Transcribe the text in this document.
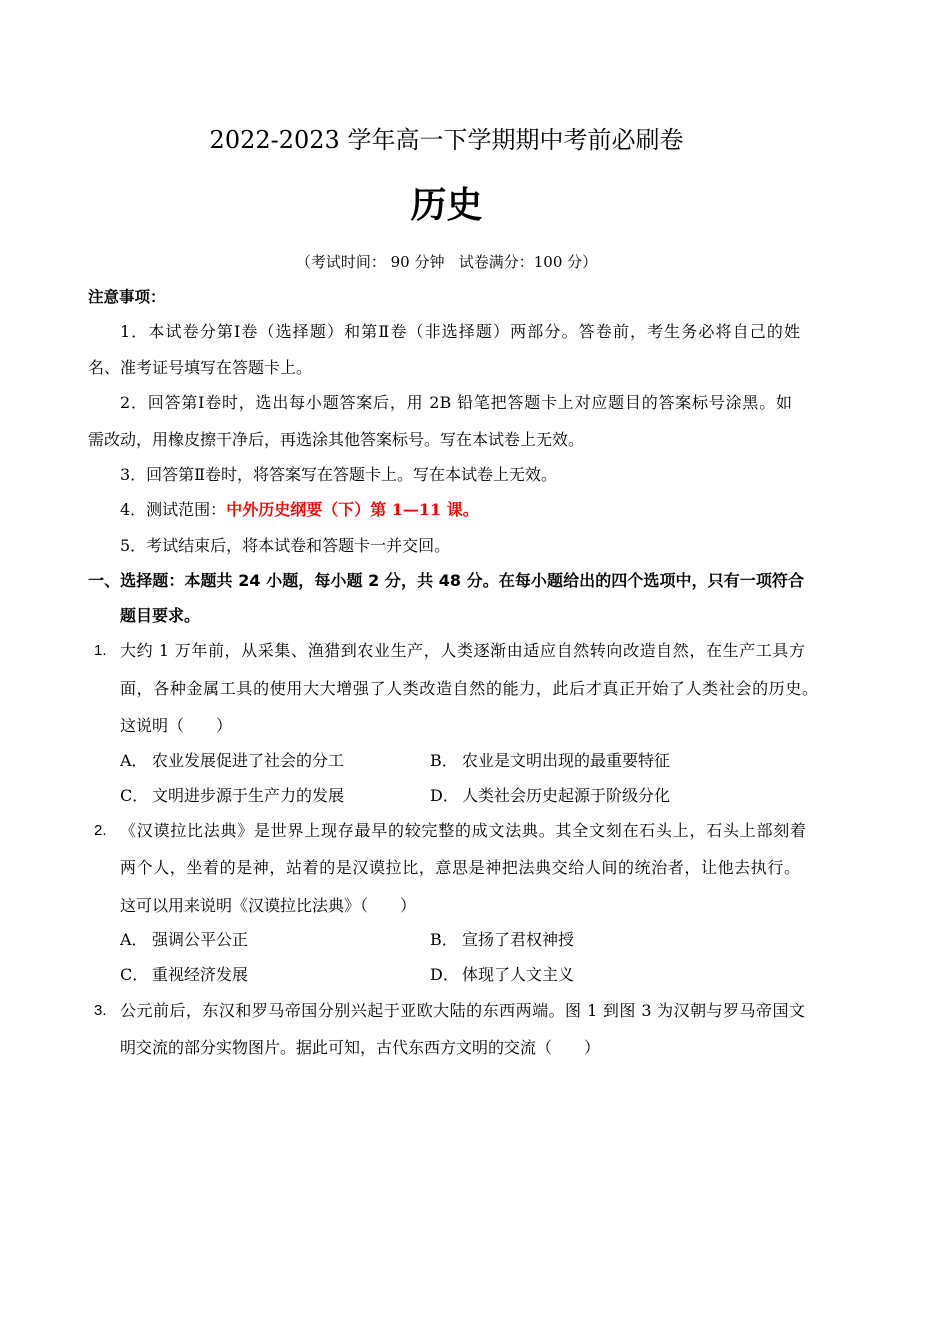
2022-2023 学年高一下学期期中考前必刷卷
历史
（考试时间： 90 分钟   试卷满分：100 分）
注意事项：
1．本试卷分第Ⅰ卷（选择题）和第Ⅱ卷（非选择题）两部分。答卷前，考生务必将自己的姓
名、准考证号填写在答题卡上。
2．回答第Ⅰ卷时，选出每小题答案后，用 2B 铅笔把答题卡上对应题目的答案标号涂黑。如
需改动，用橡皮擦干净后，再选涂其他答案标号。写在本试卷上无效。
3．回答第Ⅱ卷时，将答案写在答题卡上。写在本试卷上无效。
4．测试范围：中外历史纲要（下）第 1—11 课。
5．考试结束后，将本试卷和答题卡一并交回。
一、选择题：本题共 24 小题，每小题 2 分，共 48 分。在每小题给出的四个选项中，只有一项符合
题目要求。
1. 大约 1 万年前，从采集、渔猎到农业生产，人类逐渐由适应自然转向改造自然，在生产工具方
面，各种金属工具的使用大大增强了人类改造自然的能力，此后才真正开始了人类社会的历史。
这说明（　　）
A． 农业发展促进了社会的分工	B． 农业是文明出现的最重要特征
C． 文明进步源于生产力的发展	D． 人类社会历史起源于阶级分化
2. 《汉谟拉比法典》是世界上现存最早的较完整的成文法典。其全文刻在石头上，石头上部刻着
两个人，坐着的是神，站着的是汉谟拉比，意思是神把法典交给人间的统治者，让他去执行。
这可以用来说明《汉谟拉比法典》（　　）
A． 强调公平公正	B． 宣扬了君权神授
C． 重视经济发展	D． 体现了人文主义
3. 公元前后，东汉和罗马帝国分别兴起于亚欧大陆的东西两端。图 1 到图 3 为汉朝与罗马帝国文
明交流的部分实物图片。据此可知，古代东西方文明的交流（　　）
